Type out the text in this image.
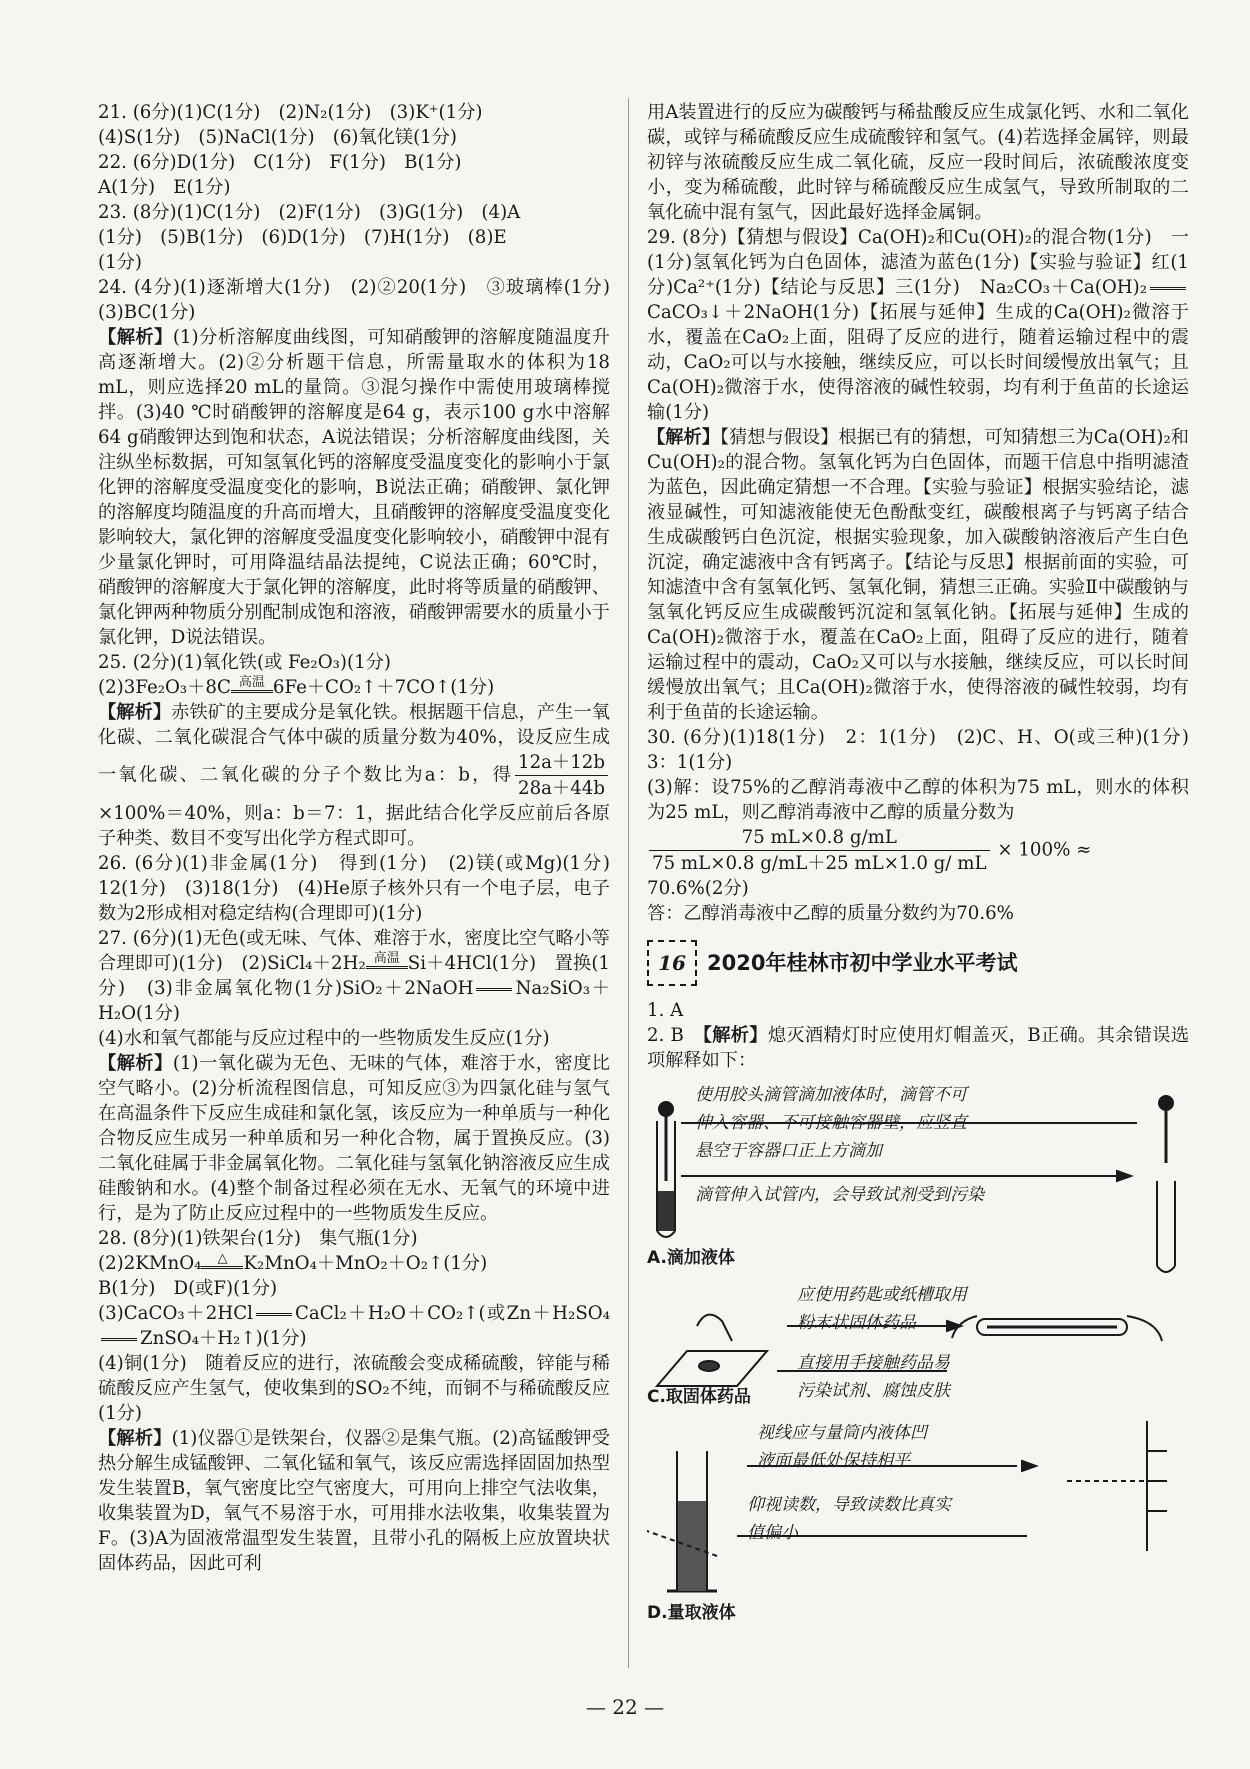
21. (6分)(1)C(1分)　(2)N₂(1分)　(3)K⁺(1分)

(4)S(1分)　(5)NaCl(1分)　(6)氧化镁(1分)

22. (6分)D(1分)　C(1分)　F(1分)　B(1分)

A(1分)　E(1分)

23. (8分)(1)C(1分)　(2)F(1分)　(3)G(1分)　(4)A

(1分)　(5)B(1分)　(6)D(1分)　(7)H(1分)　(8)E

(1分)

24. (4分)(1)逐渐增大(1分)　(2)②20(1分)　③玻璃棒(1分)　(3)BC(1分)

【解析】(1)分析溶解度曲线图，可知硝酸钾的溶解度随温度升高逐渐增大。(2)②分析题干信息，所需量取水的体积为18 mL，则应选择20 mL的量筒。③混匀操作中需使用玻璃棒搅拌。(3)40 ℃时硝酸钾的溶解度是64 g，表示100 g水中溶解64 g硝酸钾达到饱和状态，A说法错误；分析溶解度曲线图，关注纵坐标数据，可知氢氧化钙的溶解度受温度变化的影响小于氯化钾的溶解度受温度变化的影响，B说法正确；硝酸钾、氯化钾的溶解度均随温度的升高而增大，且硝酸钾的溶解度受温度变化影响较大，氯化钾的溶解度受温度变化影响较小，硝酸钾中混有少量氯化钾时，可用降温结晶法提纯，C说法正确；60℃时，硝酸钾的溶解度大于氯化钾的溶解度，此时将等质量的硝酸钾、氯化钾两种物质分别配制成饱和溶液，硝酸钾需要水的质量小于氯化钾，D说法错误。

25. (2分)(1)氧化铁(或 Fe₂O₃)(1分)

(2)3Fe₂O₃＋8C 高温 6Fe＋CO₂↑＋7CO↑(1分)

【解析】赤铁矿的主要成分是氧化铁。根据题干信息，产生一氧化碳、二氧化碳混合气体中碳的质量分数为40%，设反应生成一氧化碳、二氧化碳的分子个数比为a：b，得 $\frac{12a+12b}{28a+44b}$
×100%＝40%，则a：b＝7：1，据此结合化学反应前后各原子种类、数目不变写出化学方程式即可。

26. (6分)(1)非金属(1分)　得到(1分)　(2)镁(或Mg)(1分)　12(1分)　(3)18(1分)　(4)He原子核外只有一个电子层，电子数为2形成相对稳定结构(合理即可)(1分)

27. (6分)(1)无色(或无味、气体、难溶于水，密度比空气略小等合理即可)(1分)　(2)SiCl₄＋2H₂ 高温 Si＋4HCl(1分)　置换(1分)　(3)非金属氧化物(1分)SiO₂＋2NaOH Na₂SiO₃＋H₂O(1分)

(4)水和氧气都能与反应过程中的一些物质发生反应(1分)

【解析】(1)一氧化碳为无色、无味的气体，难溶于水，密度比空气略小。(2)分析流程图信息，可知反应③为四氯化硅与氢气在高温条件下反应生成硅和氯化氢，该反应为一种单质与一种化合物反应生成另一种单质和另一种化合物，属于置换反应。(3)二氧化硅属于非金属氧化物。二氧化硅与氢氧化钠溶液反应生成硅酸钠和水。(4)整个制备过程必须在无水、无氧气的环境中进行，是为了防止反应过程中的一些物质发生反应。

28. (8分)(1)铁架台(1分)　集气瓶(1分)

(2)2KMnO₄	△ K₂MnO₄＋MnO₂＋O₂↑(1分)

B(1分)　D(或F)(1分)

(3)CaCO₃＋2HCl CaCl₂＋H₂O＋CO₂↑(或Zn＋H₂SO₄ZnSO₄＋H₂↑)(1分)

(4)铜(1分)　随着反应的进行，浓硫酸会变成稀硫酸，锌能与稀硫酸反应产生氢气，使收集到的SO₂不纯，而铜不与稀硫酸反应(1分)

【解析】(1)仪器①是铁架台，仪器②是集气瓶。(2)高锰酸钾受热分解生成锰酸钾、二氧化锰和氧气，该反应需选择固固加热型发生装置B，氧气密度比空气密度大，可用向上排空气法收集，收集装置为D，氧气不易溶于水，可用排水法收集，收集装置为F。(3)A为固液常温型发生装置，且带小孔的隔板上应放置块状固体药品，因此可利

用A装置进行的反应为碳酸钙与稀盐酸反应生成氯化钙、水和二氧化碳，或锌与稀硫酸反应生成硫酸锌和氢气。(4)若选择金属锌，则最初锌与浓硫酸反应生成二氧化硫，反应一段时间后，浓硫酸浓度变小，变为稀硫酸，此时锌与稀硫酸反应生成氢气，导致所制取的二氧化硫中混有氢气，因此最好选择金属铜。

29. (8分)【猜想与假设】Ca(OH)₂和Cu(OH)₂的混合物(1分)　一(1分)氢氧化钙为白色固体，滤渣为蓝色(1分)【实验与验证】红(1分)Ca²⁺(1分)【结论与反思】三(1分)　Na₂CO₃＋Ca(OH)₂CaCO₃↓＋2NaOH(1分)【拓展与延伸】生成的Ca(OH)₂微溶于水，覆盖在CaO₂上面，阻碍了反应的进行，随着运输过程中的震动，CaO₂可以与水接触，继续反应，可以长时间缓慢放出氧气；且Ca(OH)₂微溶于水，使得溶液的碱性较弱，均有利于鱼苗的长途运输(1分)

【解析】【猜想与假设】根据已有的猜想，可知猜想三为Ca(OH)₂和Cu(OH)₂的混合物。氢氧化钙为白色固体，而题干信息中指明滤渣为蓝色，因此确定猜想一不合理。【实验与验证】根据实验结论，滤液显碱性，可知滤液能使无色酚酞变红，碳酸根离子与钙离子结合生成碳酸钙白色沉淀，根据实验现象，加入碳酸钠溶液后产生白色沉淀，确定滤液中含有钙离子。【结论与反思】根据前面的实验，可知滤渣中含有氢氧化钙、氢氧化铜，猜想三正确。实验Ⅱ中碳酸钠与氢氧化钙反应生成碳酸钙沉淀和氢氧化钠。【拓展与延伸】生成的Ca(OH)₂微溶于水，覆盖在CaO₂上面，阻碍了反应的进行，随着运输过程中的震动，CaO₂又可以与水接触，继续反应，可以长时间缓慢放出氧气；且Ca(OH)₂微溶于水，使得溶液的碱性较弱，均有利于鱼苗的长途运输。

30. (6分)(1)18(1分)　2：1(1分)　(2)C、H、O(或三种)(1分)　3：1(1分)

(3)解：设75%的乙醇消毒液中乙醇的体积为75 mL，则水的体积为25 mL，则乙醇消毒液中乙醇的质量分数为

$\frac{75 mL\times 0.8 g/mL}{75 mL\times 0.8 g/mL+25 mL\times 1.0 g/ mL} \times 100\%$ ≈

70.6%(2分)

答：乙醇消毒液中乙醇的质量分数约为70.6%

16	2020年桂林市初中学业水平考试

1. A

2. B　【解析】熄灭酒精灯时应使用灯帽盖灭，B正确。其余错误选项解释如下：

使用胶头滴管滴加液体时，滴管不可
伸入容器、不可接触容器壁，应竖直
悬空于容器口正上方滴加
滴管伸入试管内，会导致试剂受到污染
A.滴加液体
应使用药匙或纸槽取用
粉末状固体药品
直接用手接触药品易
污染试剂、腐蚀皮肤
C.取固体药品
视线应与量筒内液体凹
液面最低处保持相平
仰视读数，导致读数比真实
值偏小
D.量取液体
— 22 —
